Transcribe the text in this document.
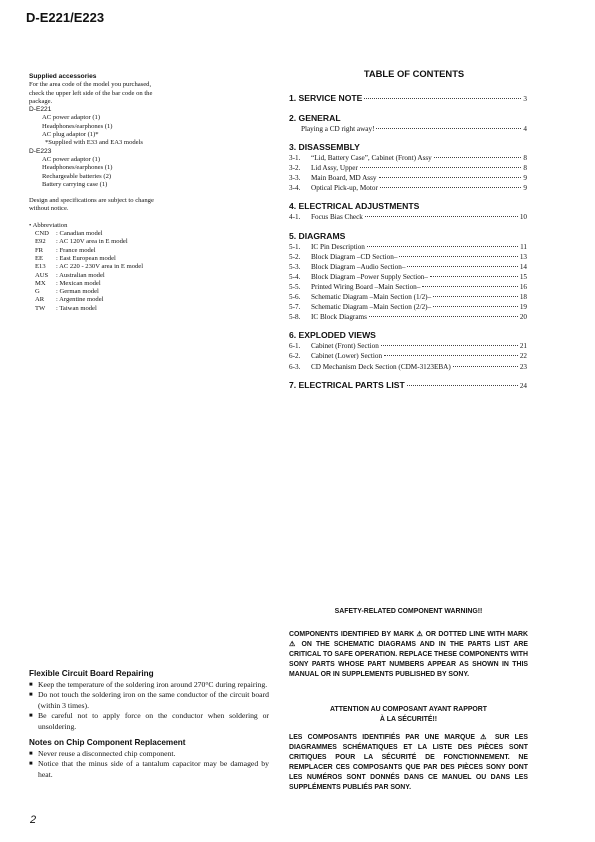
D-E221/E223
Supplied accessories
For the area code of the model you purchased,
check the upper left side of the bar code on the
package.
D-E221
AC power adaptor (1)
Headphones/earphones (1)
AC plug adaptor (1)*
*Supplied with E33 and EA3 models
D-E223
AC power adaptor (1)
Headphones/earphones (1)
Rechargeable batteries (2)
Battery carrying case (1)
Design and specifications are subject to change
without notice.
• Abbreviation
CND	: Canadian model
E92	: AC 120V area in E model
FR	: France model
EE	: East European model
E13	: AC 220 - 230V area in E model
AUS	: Australian model
MX	: Mexican model
G	: German model
AR	: Argentine model
TW	: Taiwan model
TABLE OF CONTENTS
1. SERVICE NOTE	3
2. GENERAL
Playing a CD right away!	4
3. DISASSEMBLY
3-1.	“Lid, Battery Case”, Cabinet (Front) Assy	8
3-2.	Lid Assy, Upper	8
3-3.	Main Board, MD Assy	9
3-4.	Optical Pick-up, Motor	9
4. ELECTRICAL ADJUSTMENTS
4-1.	Focus Bias Check	10
5. DIAGRAMS
5-1.	IC Pin Description	11
5-2.	Block Diagram –CD Section–	13
5-3.	Block Diagram –Audio Section–	14
5-4.	Block Diagram –Power Supply Section–	15
5-5.	Printed Wiring Board –Main Section–	16
5-6.	Schematic Diagram –Main Section (1/2)–	18
5-7.	Schematic Diagram –Main Section (2/2)–	19
5-8.	IC Block Diagrams	20
6. EXPLODED VIEWS
6-1.	Cabinet (Front) Section	21
6-2.	Cabinet (Lower) Section	22
6-3.	CD Mechanism Deck Section (CDM-3123EBA)	23
7. ELECTRICAL PARTS LIST	24
SAFETY-RELATED COMPONENT WARNING!!
COMPONENTS IDENTIFIED BY MARK ⚠ OR DOTTED LINE WITH MARK ⚠ ON THE SCHEMATIC DIAGRAMS AND IN THE PARTS LIST ARE CRITICAL TO SAFE OPERATION. REPLACE THESE COMPONENTS WITH SONY PARTS WHOSE PART NUMBERS APPEAR AS SHOWN IN THIS MANUAL OR IN SUPPLEMENTS PUBLISHED BY SONY.
ATTENTION AU COMPOSANT AYANT RAPPORT
À LA SÉCURITÉ!!
LES COMPOSANTS IDENTIFIÉS PAR UNE MARQUE ⚠ SUR LES DIAGRAMMES SCHÉMATIQUES ET LA LISTE DES PIÈCES SONT CRITIQUES POUR LA SÉCURITÉ DE FONCTIONNEMENT. NE REMPLACER CES COMPOSANTS QUE PAR DES PIÈCES SONY DONT LES NUMÉROS SONT DONNÉS DANS CE MANUEL OU DANS LES SUPPLÉMENTS PUBLIÉS PAR SONY.
Flexible Circuit Board Repairing
■ Keep the temperature of the soldering iron around 270°C during repairing.
■ Do not touch the soldering iron on the same conductor of the circuit board (within 3 times).
■ Be careful not to apply force on the conductor when soldering or unsoldering.
Notes on Chip Component Replacement
■ Never reuse a disconnected chip component.
■ Notice that the minus side of a tantalum capacitor may be damaged by heat.
2
